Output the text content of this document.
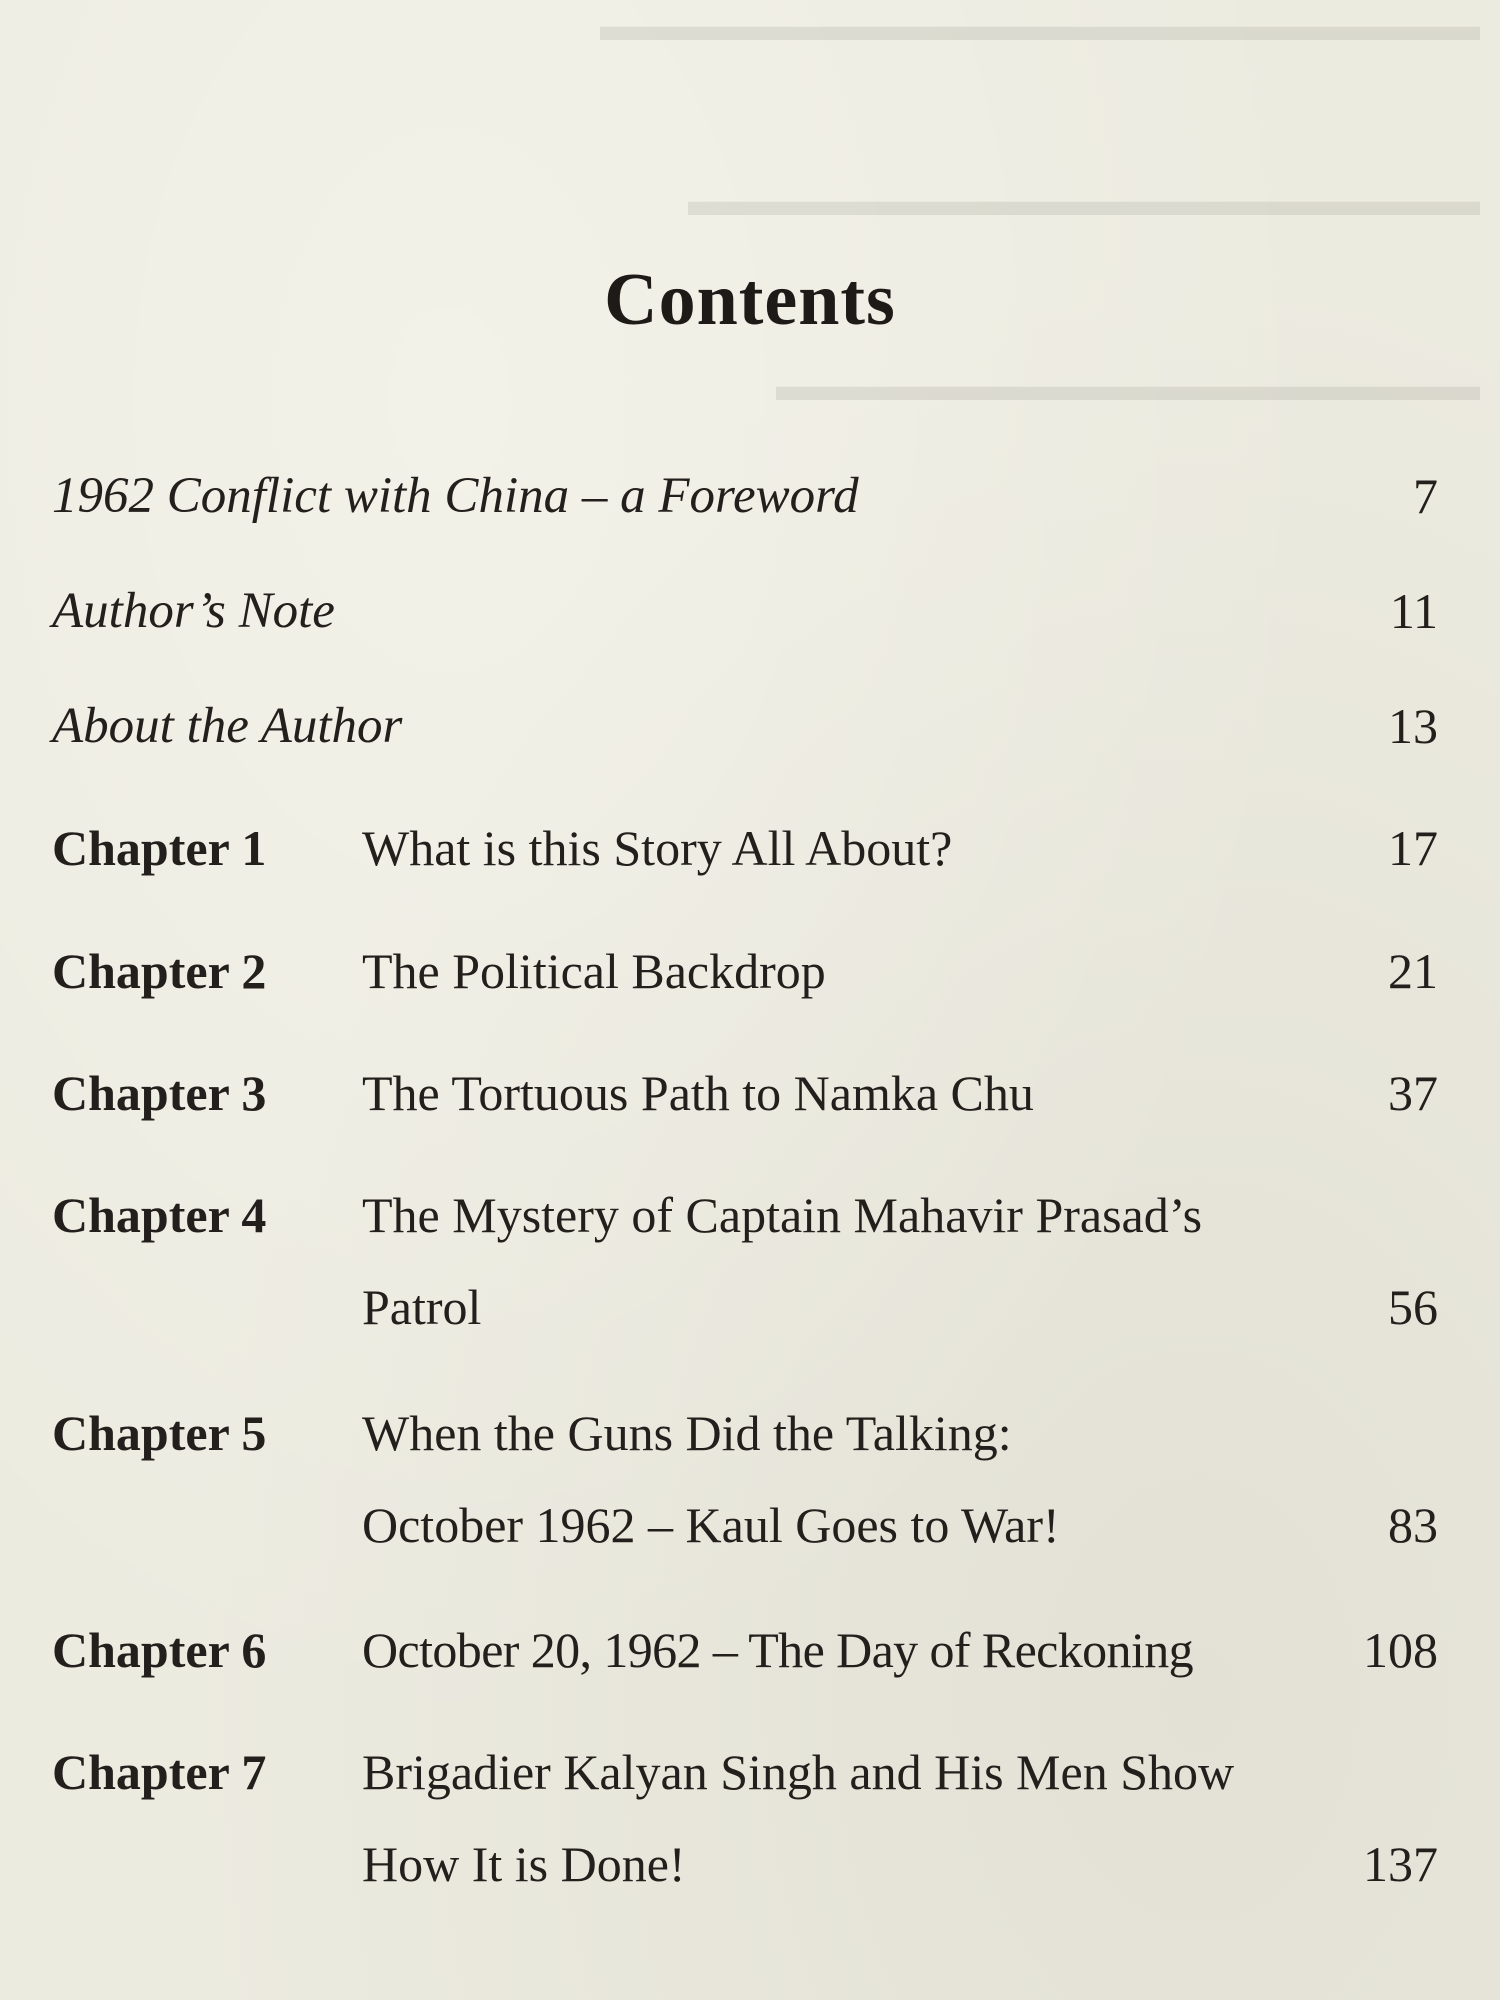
▬▬▬▬▬▬▬▬▬▬▬▬▬▬▬▬▬▬▬▬
▬▬▬▬▬▬▬▬▬▬▬▬▬▬▬▬▬▬
▬▬▬▬▬▬▬▬▬▬▬▬▬▬▬▬
Contents
1962 Conflict with China – a Foreword	7
Author’s Note	11
About the Author	13
Chapter 1 What is this Story All About?	17
Chapter 2 The Political Backdrop	21
Chapter 3 The Tortuous Path to Namka Chu	37
Chapter 4 The Mystery of Captain Mahavir Prasad’s
Patrol	56
Chapter 5 When the Guns Did the Talking:
October 1962 – Kaul Goes to War!	83
Chapter 6 October 20, 1962 – The Day of Reckoning	108
Chapter 7 Brigadier Kalyan Singh and His Men Show
How It is Done!	137
